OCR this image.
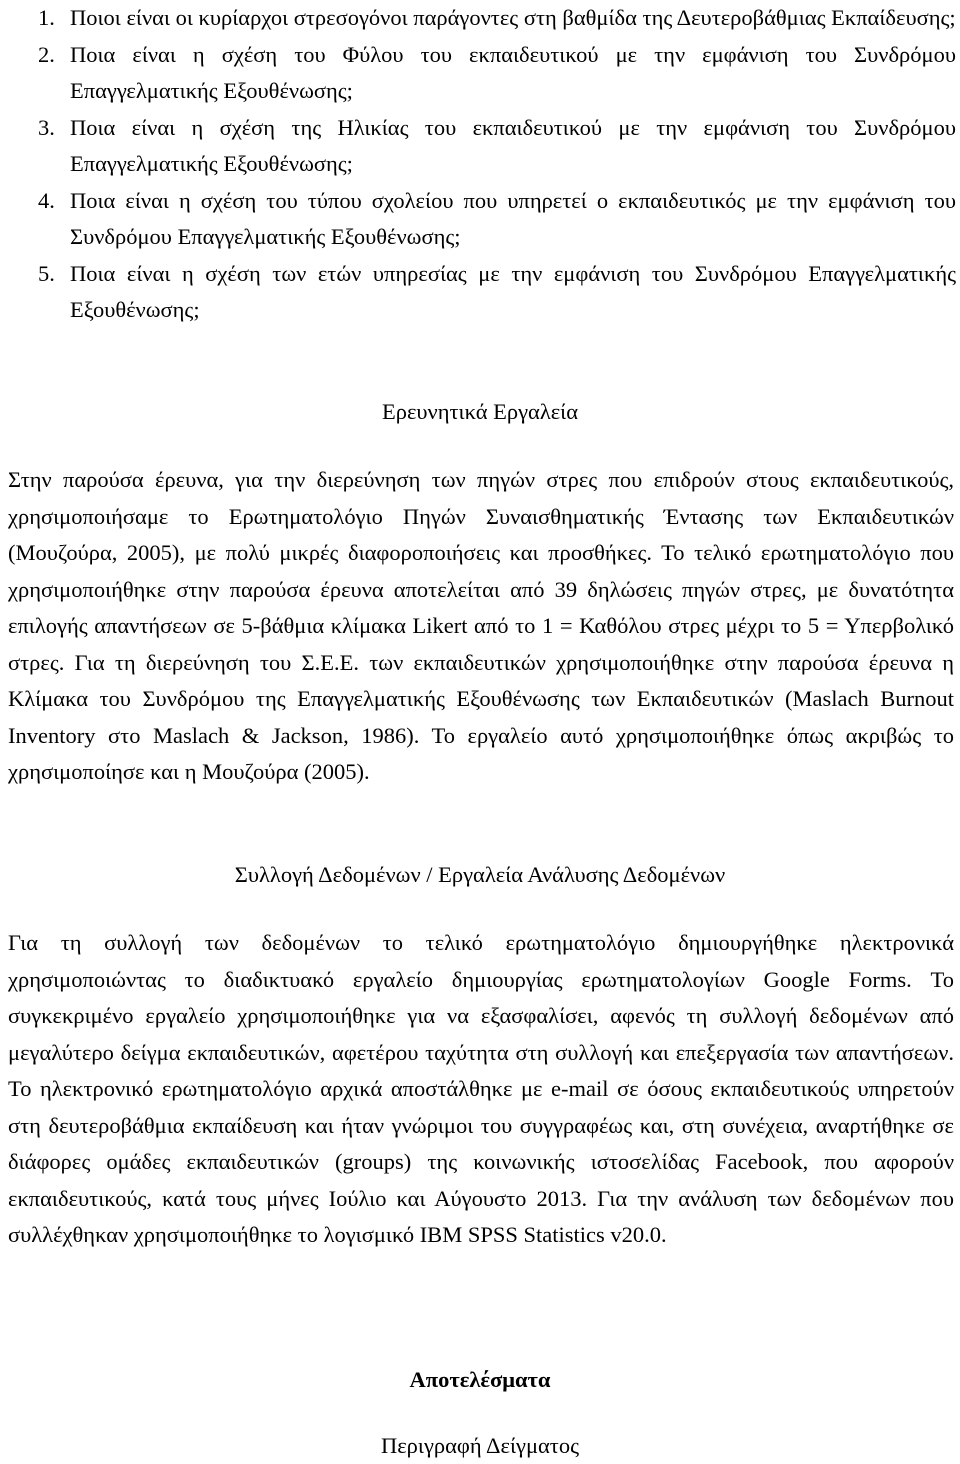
1. Ποιοι είναι οι κυρίαρχοι στρεσογόνοι παράγοντες στη βαθμίδα της Δευτεροβάθμιας Εκπαίδευσης;
2. Ποια είναι η σχέση του Φύλου του εκπαιδευτικού με την εμφάνιση του Συνδρόμου Επαγγελματικής Εξουθένωσης;
3. Ποια είναι η σχέση της Ηλικίας του εκπαιδευτικού με την εμφάνιση του Συνδρόμου Επαγγελματικής Εξουθένωσης;
4. Ποια είναι η σχέση του τύπου σχολείου που υπηρετεί ο εκπαιδευτικός με την εμφάνιση του Συνδρόμου Επαγγελματικής Εξουθένωσης;
5. Ποια είναι η σχέση των ετών υπηρεσίας με την εμφάνιση του Συνδρόμου Επαγγελματικής Εξουθένωσης;
Ερευνητικά Εργαλεία

Στην παρούσα έρευνα, για την διερεύνηση των πηγών στρες που επιδρούν στους εκπαιδευτικούς, χρησιμοποιήσαμε το Ερωτηματολόγιο Πηγών Συναισθηματικής Έντασης των Εκπαιδευτικών (Μουζούρα, 2005), με πολύ μικρές διαφοροποιήσεις και προσθήκες. Το τελικό ερωτηματολόγιο που χρησιμοποιήθηκε στην παρούσα έρευνα αποτελείται από 39 δηλώσεις πηγών στρες, με δυνατότητα επιλογής απαντήσεων σε 5-βάθμια κλίμακα Likert από το 1 = Καθόλου στρες μέχρι το 5 = Υπερβολικό στρες. Για τη διερεύνηση του Σ.Ε.Ε. των εκπαιδευτικών χρησιμοποιήθηκε στην παρούσα έρευνα η Κλίμακα του Συνδρόμου της Επαγγελματικής Εξουθένωσης των Εκπαιδευτικών (Maslach Burnout Inventory στο Maslach & Jackson, 1986). Το εργαλείο αυτό χρησιμοποιήθηκε όπως ακριβώς το χρησιμοποίησε και η Μουζούρα (2005).

Συλλογή Δεδομένων / Εργαλεία Ανάλυσης Δεδομένων

Για τη συλλογή των δεδομένων το τελικό ερωτηματολόγιο δημιουργήθηκε ηλεκτρονικά χρησιμοποιώντας το διαδικτυακό εργαλείο δημιουργίας ερωτηματολογίων Google Forms. Το συγκεκριμένο εργαλείο χρησιμοποιήθηκε για να εξασφαλίσει, αφενός τη συλλογή δεδομένων από μεγαλύτερο δείγμα εκπαιδευτικών, αφετέρου ταχύτητα στη συλλογή και επεξεργασία των απαντήσεων. Το ηλεκτρονικό ερωτηματολόγιο αρχικά αποστάλθηκε με e-mail σε όσους εκπαιδευτικούς υπηρετούν στη δευτεροβάθμια εκπαίδευση και ήταν γνώριμοι του συγγραφέως και, στη συνέχεια, αναρτήθηκε σε διάφορες ομάδες εκπαιδευτικών (groups) της κοινωνικής ιστοσελίδας Facebook, που αφορούν εκπαιδευτικούς, κατά τους μήνες Ιούλιο και Αύγουστο 2013. Για την ανάλυση των δεδομένων που συλλέχθηκαν χρησιμοποιήθηκε το λογισμικό IBM SPSS Statistics v20.0.

Αποτελέσματα
Περιγραφή Δείγματος
